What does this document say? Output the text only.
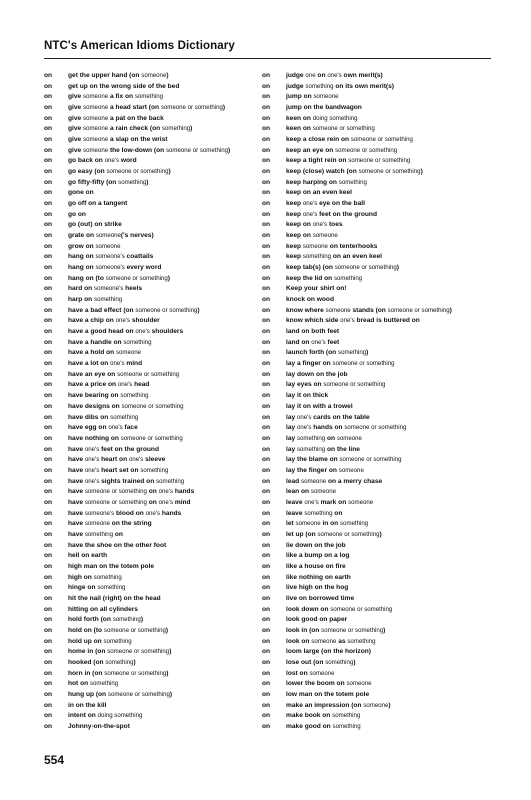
NTC's American Idioms Dictionary
on get the upper hand (on someone)
on get up on the wrong side of the bed
on give someone a fix on something
on give someone a head start (on someone or something)
on give someone a pat on the back
on give someone a rain check (on something)
on give someone a slap on the wrist
on give someone the low-down (on someone or something)
on go back on one's word
on go easy (on someone or something)
on go fifty-fifty (on something)
on gone on
on go off on a tangent
on go on
on go (out) on strike
on grate on someone('s nerves)
on grow on someone
on hang on someone's coattails
on hang on someone's every word
on hang on (to someone or something)
on hard on someone's heels
on harp on something
on have a bad effect (on someone or something)
on have a chip on one's shoulder
on have a good head on one's shoulders
on have a handle on something
on have a hold on someone
on have a lot on one's mind
on have an eye on someone or something
on have a price on one's head
on have bearing on something
on have designs on someone or something
on have dibs on something
on have egg on one's face
on have nothing on someone or something
on have one's feet on the ground
on have one's heart on one's sleeve
on have one's heart set on something
on have one's sights trained on something
on have someone or something on one's hands
on have someone or something on one's mind
on have someone's blood on one's hands
on have someone on the string
on have something on
on have the shoe on the other foot
on hell on earth
on high man on the totem pole
on high on something
on hinge on something
on hit the nail (right) on the head
on hitting on all cylinders
on hold forth (on something)
on hold on (to someone or something)
on hold up on something
on home in (on someone or something)
on hooked (on something)
on horn in (on someone or something)
on hot on something
on hung up (on someone or something)
on in on the kill
on intent on doing something
on Johnny-on-the-spot
on judge one on one's own merit(s)
on judge something on its own merit(s)
on jump on someone
on jump on the bandwagon
on keen on doing something
on keen on someone or something
on keep a close rein on someone or something
on keep an eye on someone or something
on keep a tight rein on someone or something
on keep (close) watch (on someone or something)
on keep harping on something
on keep on an even keel
on keep one's eye on the ball
on keep one's feet on the ground
on keep on one's toes
on keep on someone
on keep someone on tenterhooks
on keep something on an even keel
on keep tab(s) (on someone or something)
on keep the lid on something
on Keep your shirt on!
on knock on wood
on know where someone stands (on someone or something)
on know which side one's bread is buttered on
on land on both feet
on land on one's feet
on launch forth (on something)
on lay a finger on someone or something
on lay down on the job
on lay eyes on someone or something
on lay it on thick
on lay it on with a trowel
on lay one's cards on the table
on lay one's hands on someone or something
on lay something on someone
on lay something on the line
on lay the blame on someone or something
on lay the finger on someone
on lead someone on a merry chase
on lean on someone
on leave one's mark on someone
on leave something on
on let someone in on something
on let up (on someone or something)
on lie down on the job
on like a bump on a log
on like a house on fire
on like nothing on earth
on live high on the hog
on live on borrowed time
on look down on someone or something
on look good on paper
on look in (on someone or something)
on look on someone as something
on loom large (on the horizon)
on lose out (on something)
on lost on someone
on lower the boom on someone
on low man on the totem pole
on make an impression (on someone)
on make book on something
on make good on something
554
